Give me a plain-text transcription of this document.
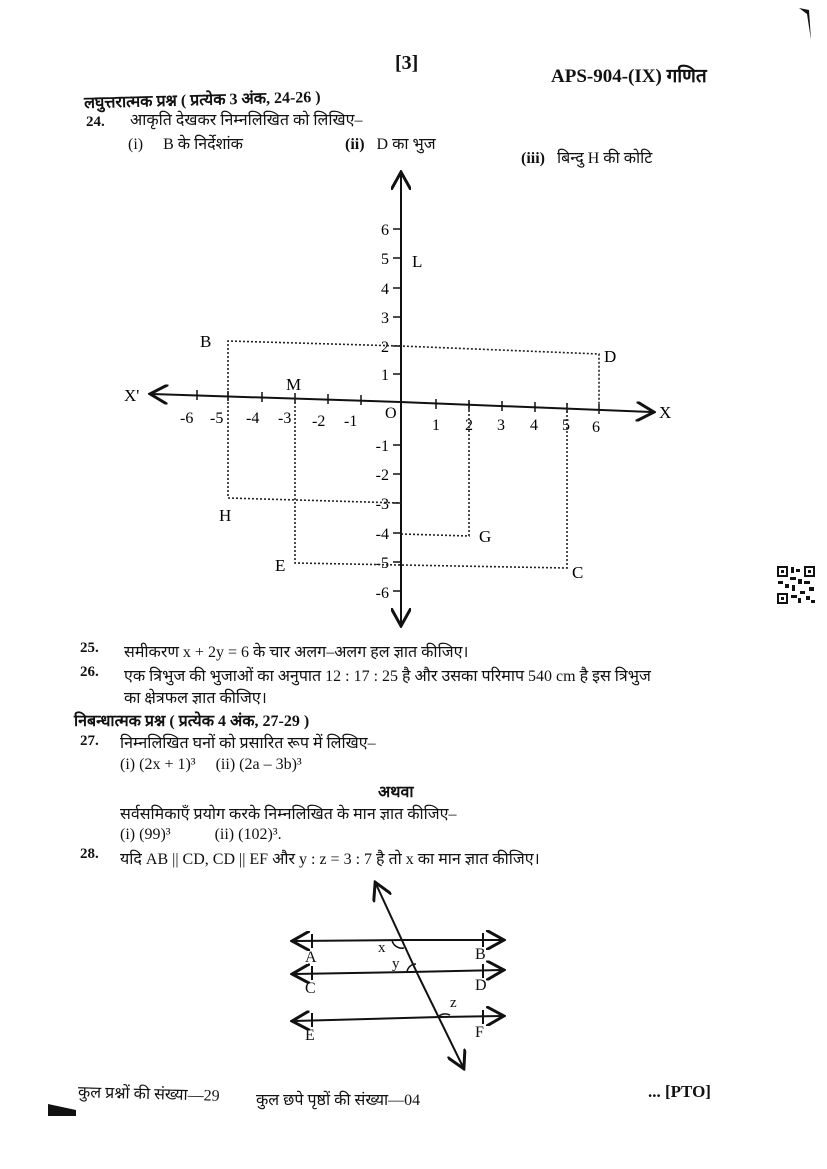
[3]
APS-904-(IX) गणित
लघुत्तरात्मक प्रश्न ( प्रत्येक 3 अंक, 24-26 )
24. आकृति देखकर निम्नलिखित को लिखिए–
(i) B के निर्देशांक	(ii) D का भुज
(iii) बिन्दु H की कोटि
X'
X
O
-6 -5 -4 -3 -2 -1	1 2 3 4 5 6
6
5
4
3
2
1
-1
-2
-3
-4
-5
-6
B
D
L
M
H
G
E	C
25. समीकरण x + 2y = 6 के चार अलग–अलग हल ज्ञात कीजिए।
26. एक त्रिभुज की भुजाओं का अनुपात 12 : 17 : 25 है और उसका परिमाप 540 cm है इस त्रिभुज
का क्षेत्रफल ज्ञात कीजिए।
निबन्धात्मक प्रश्न ( प्रत्येक 4 अंक, 27-29 )
27. निम्नलिखित घनों को प्रसारित रूप में लिखिए–
(i) (2x + 1)³ (ii) (2a – 3b)³
अथवा
सर्वसमिकाएँ प्रयोग करके निम्नलिखित के मान ज्ञात कीजिए–
(i) (99)³	(ii) (102)³.
28. यदि AB || CD, CD || EF और y : z = 3 : 7 है तो x का मान ज्ञात कीजिए।
A	B
C	D
E	F
x
y
z
कुल प्रश्नों की संख्या—29 कुल छपे पृष्ठों की संख्या—04	... [PTO]
